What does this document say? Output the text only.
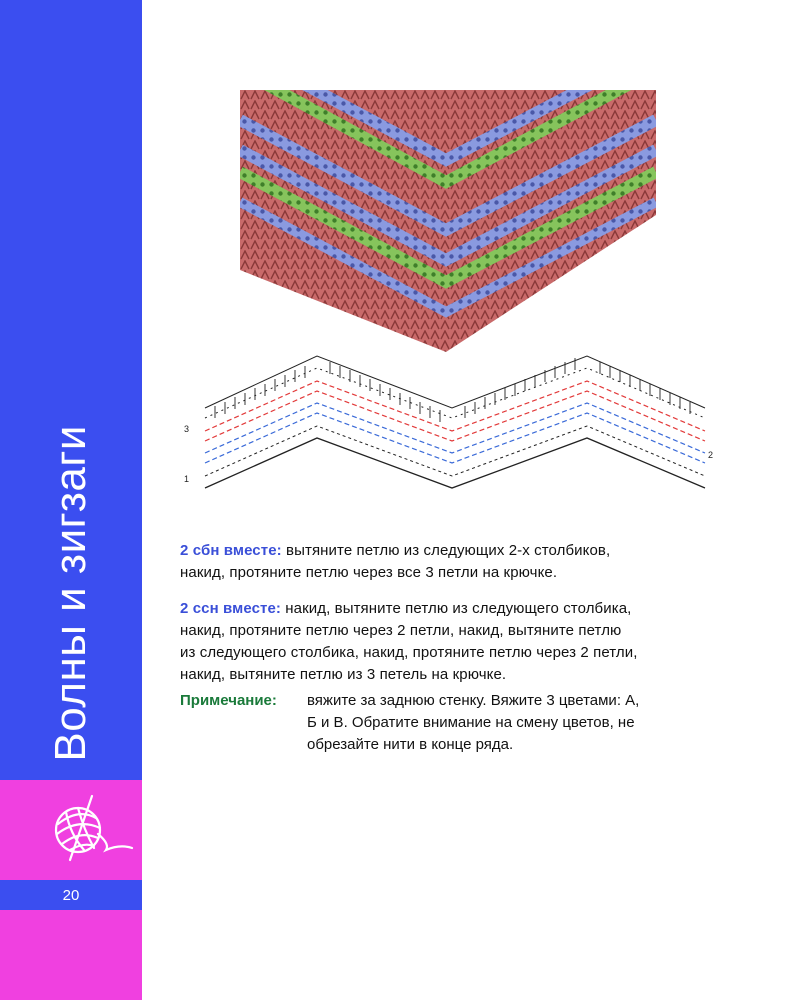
Волны и зигзаги
20
1
3
2
2 сбн вместе: вытяните петлю из следующих 2-х столбиков,
накид, протяните петлю через все 3 петли на крючке.
2 ссн вместе: накид, вытяните петлю из следующего столбика,
накид, протяните петлю через 2 петли, накид, вытяните петлю
из следующего столбика, накид, протяните петлю через 2 петли,
накид, вытяните петлю из 3 петель на крючке.
Примечание: вяжите за заднюю стенку. Вяжите 3 цветами: А,
Б и В. Обратите внимание на смену цветов, не
обрезайте нити в конце ряда.
